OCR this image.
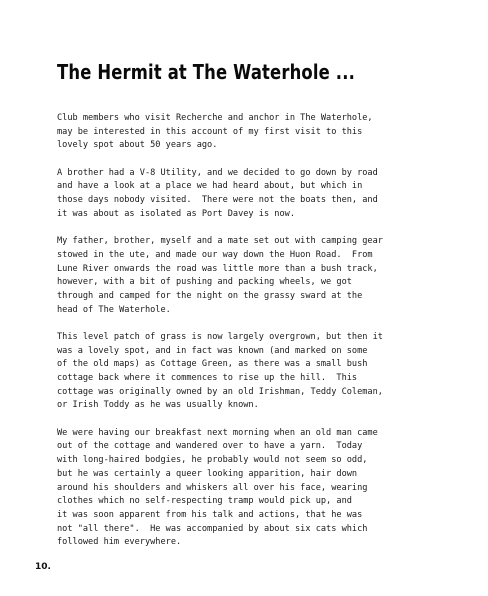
The Hermit at The Waterhole ...
Club members who visit Recherche and anchor in The Waterhole,
may be interested in this account of my first visit to this
lovely spot about 50 years ago.
A brother had a V-8 Utility, and we decided to go down by road
and have a look at a place we had heard about, but which in
those days nobody visited.  There were not the boats then, and
it was about as isolated as Port Davey is now.
My father, brother, myself and a mate set out with camping gear
stowed in the ute, and made our way down the Huon Road.  From
Lune River onwards the road was little more than a bush track,
however, with a bit of pushing and packing wheels, we got
through and camped for the night on the grassy sward at the
head of The Waterhole.
This level patch of grass is now largely overgrown, but then it
was a lovely spot, and in fact was known (and marked on some
of the old maps) as Cottage Green, as there was a small bush
cottage back where it commences to rise up the hill.  This
cottage was originally owned by an old Irishman, Teddy Coleman,
or Irish Toddy as he was usually known.
We were having our breakfast next morning when an old man came
out of the cottage and wandered over to have a yarn.  Today
with long-haired bodgies, he probably would not seem so odd,
but he was certainly a queer looking apparition, hair down
around his shoulders and whiskers all over his face, wearing
clothes which no self-respecting tramp would pick up, and
it was soon apparent from his talk and actions, that he was
not "all there".  He was accompanied by about six cats which
followed him everywhere.
10.
